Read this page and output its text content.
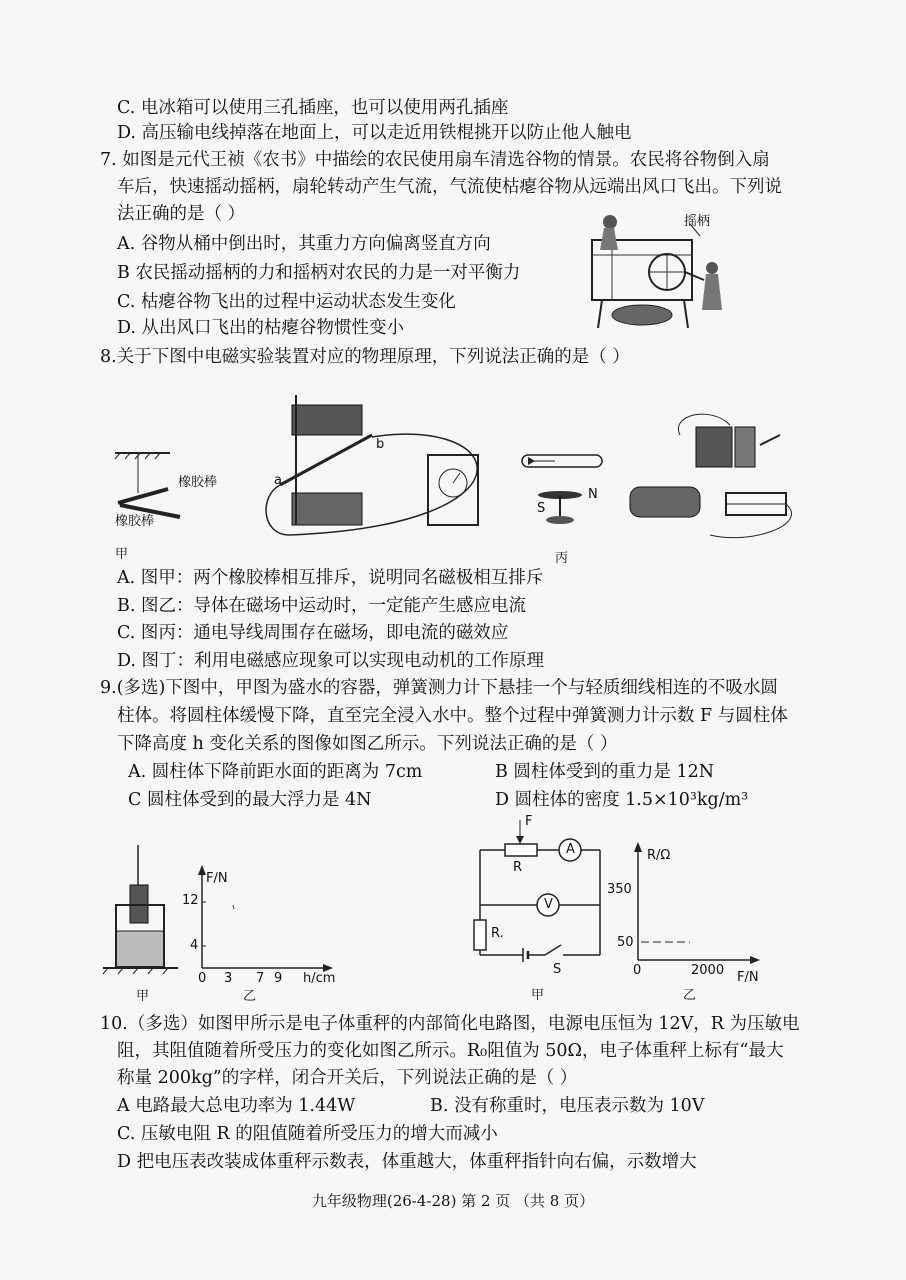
C. 电冰箱可以使用三孔插座，也可以使用两孔插座
D. 高压输电线掉落在地面上，可以走近用铁棍挑开以防止他人触电
7. 如图是元代王祯《农书》中描绘的农民使用扇车清选谷物的情景。农民将谷物倒入扇
车后，快速摇动摇柄，扇轮转动产生气流，气流使枯瘪谷物从远端出风口飞出。下列说
法正确的是（ ）
A. 谷物从桶中倒出时，其重力方向偏离竖直方向
B 农民摇动摇柄的力和摇柄对农民的力是一对平衡力
C. 枯瘪谷物飞出的过程中运动状态发生变化
D. 从出风口飞出的枯瘪谷物惯性变小
摇柄
8.关于下图中电磁实验装置对应的物理原理，下列说法正确的是（ ）
橡胶棒
橡胶棒
a
b
S
N
甲	丙
A. 图甲：两个橡胶棒相互排斥，说明同名磁极相互排斥
B. 图乙：导体在磁场中运动时，一定能产生感应电流
C. 图丙：通电导线周围存在磁场，即电流的磁效应
D. 图丁：利用电磁感应现象可以实现电动机的工作原理
9.(多选)下图中，甲图为盛水的容器，弹簧测力计下悬挂一个与轻质细线相连的不吸水圆
柱体。将圆柱体缓慢下降，直至完全浸入水中。整个过程中弹簧测力计示数 F 与圆柱体
下降高度 h 变化关系的图像如图乙所示。下列说法正确的是（ ）
A. 圆柱体下降前距水面的距离为 7cm	B 圆柱体受到的重力是 12N
C 圆柱体受到的最大浮力是 4N	D 圆柱体的密度 1.5×10³kg/m³
F/N
12
4
0 3 7 9 h/cm
甲	乙
F
R
A
V
R.
S
R/Ω
350
50
0	2000 F/N
甲	乙
10.（多选）如图甲所示是电子体重秤的内部简化电路图，电源电压恒为 12V，R 为压敏电
阻，其阻值随着所受压力的变化如图乙所示。R₀阻值为 50Ω，电子体重秤上标有“最大
称量 200kg”的字样，闭合开关后，下列说法正确的是（ ）
A 电路最大总电功率为 1.44W	B. 没有称重时，电压表示数为 10V
C. 压敏电阻 R 的阻值随着所受压力的增大而减小
D 把电压表改装成体重秤示数表，体重越大，体重秤指针向右偏，示数增大
九年级物理(26-4-28) 第 2 页 （共 8 页）
